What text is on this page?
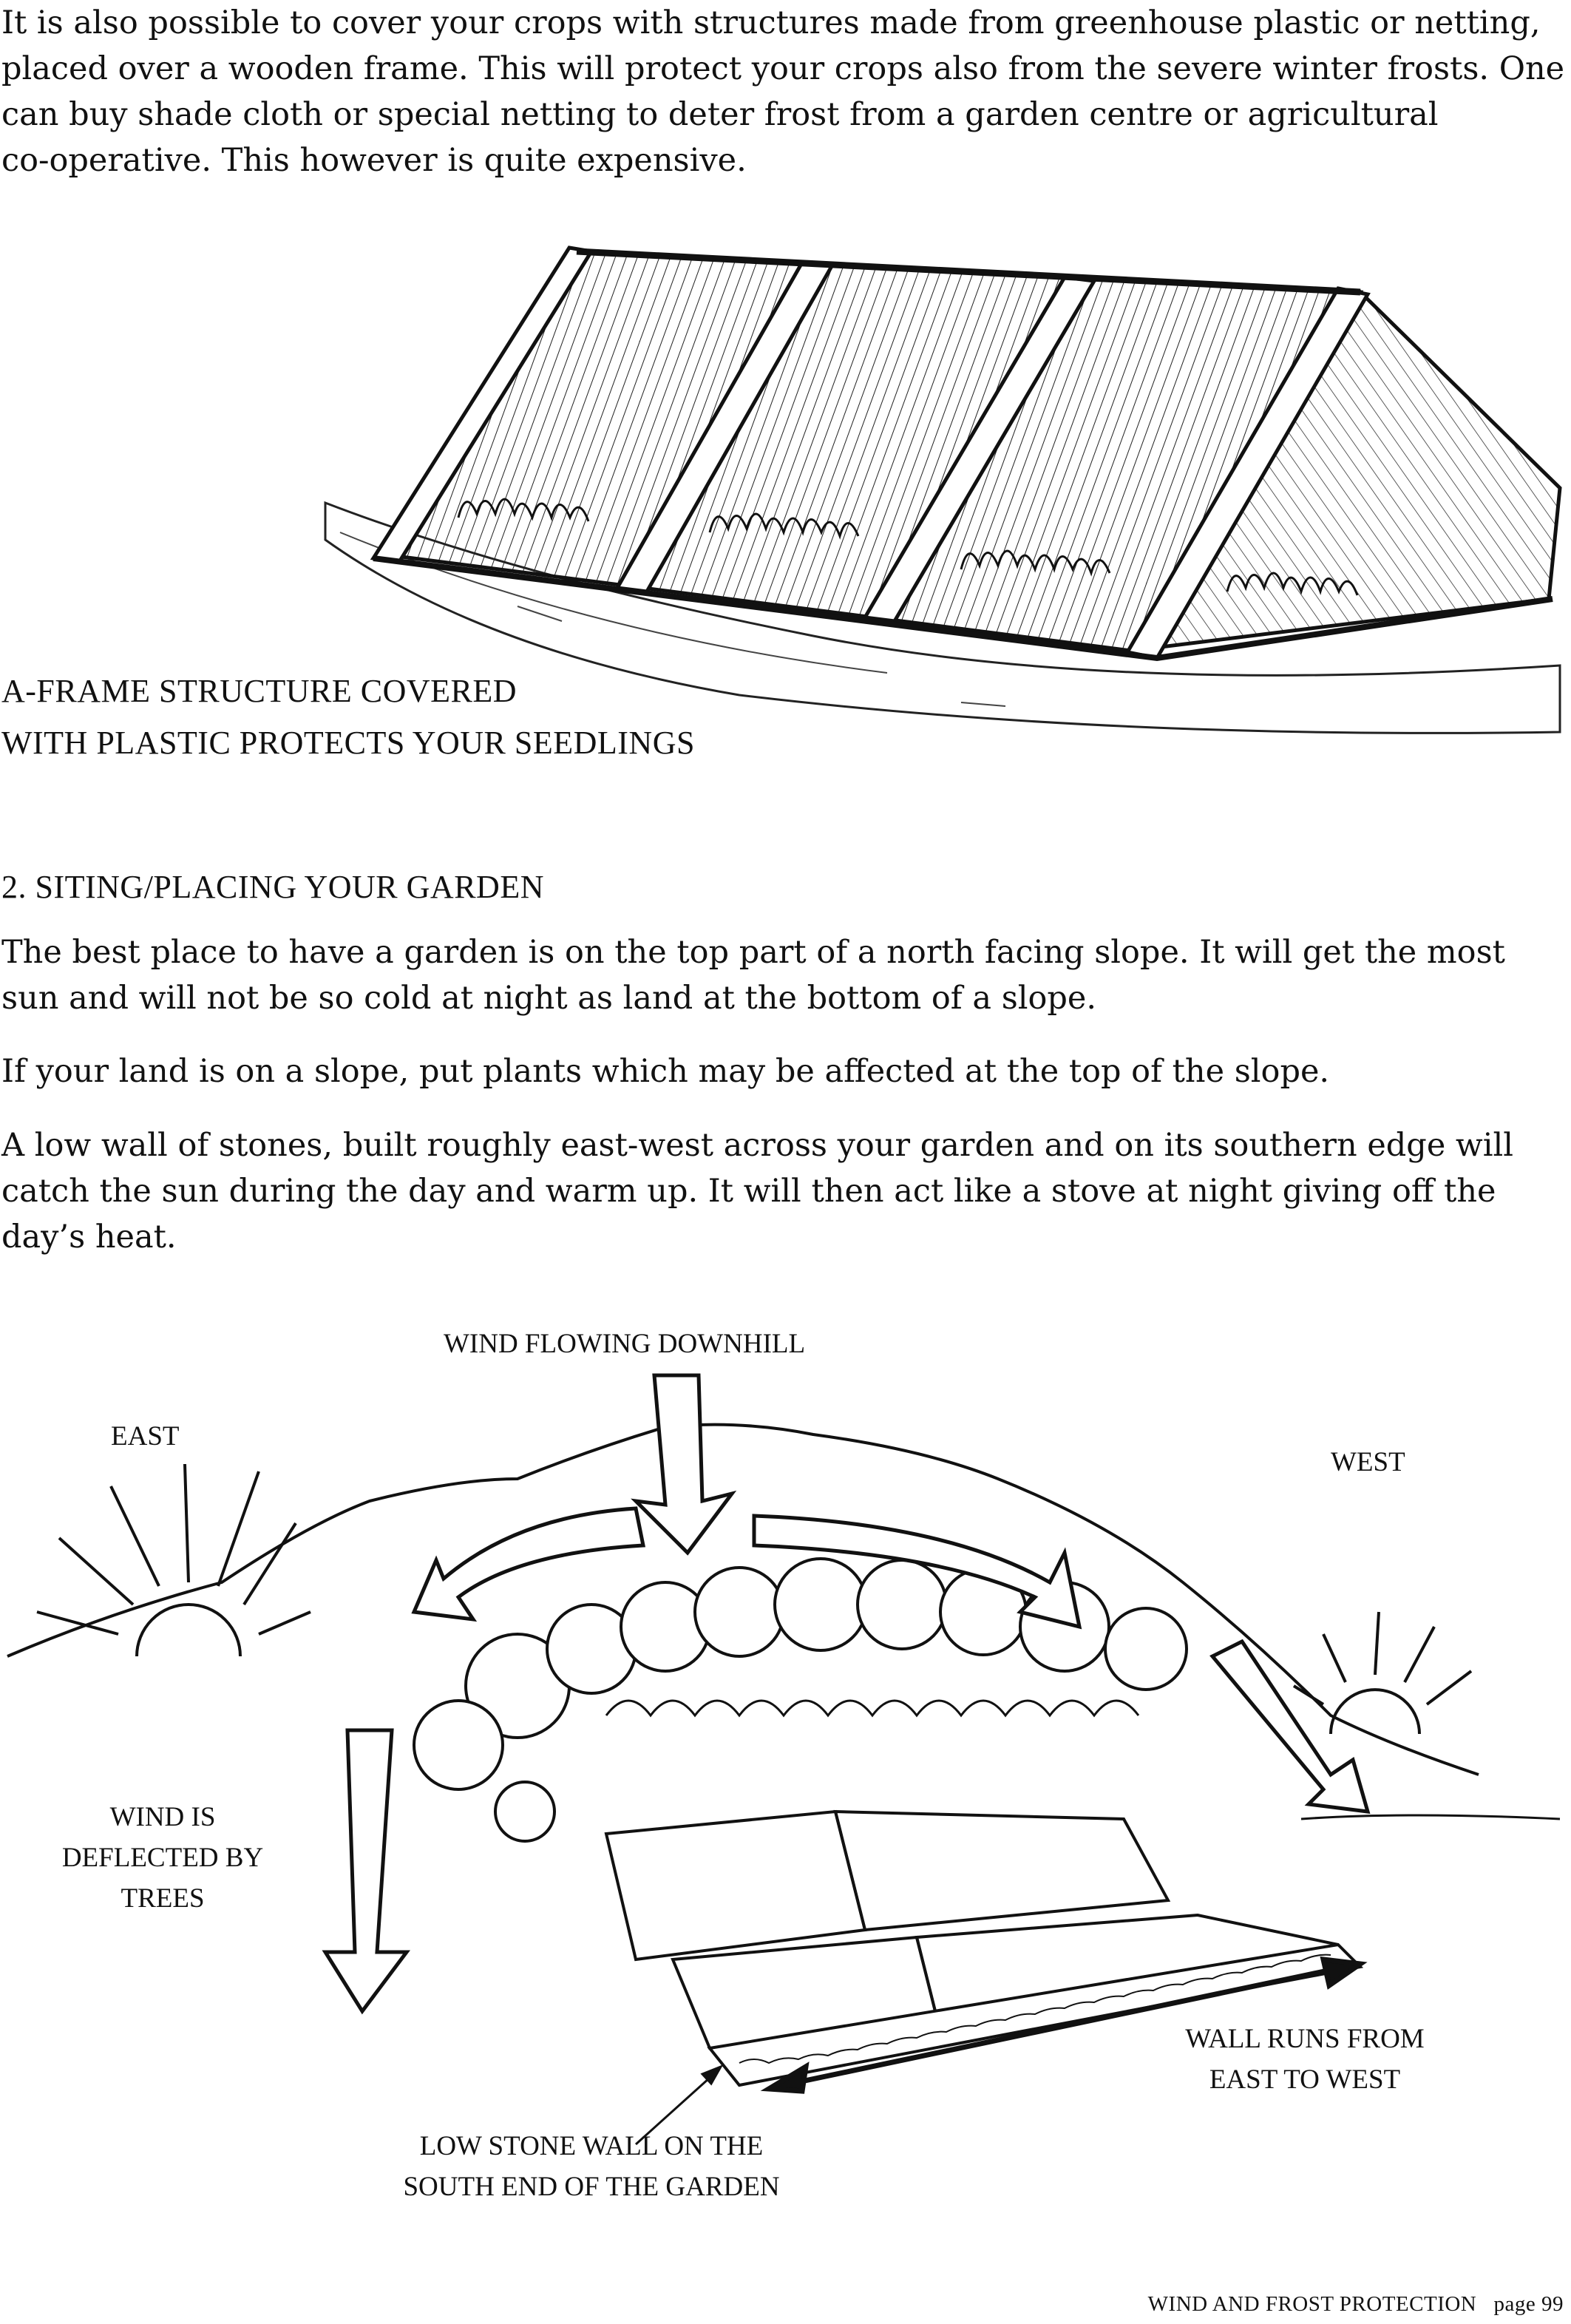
It is also possible to cover your crops with structures made from greenhouse plastic or netting,
placed over a wooden frame. This will protect your crops also from the severe winter frosts. One
can buy shade cloth or special netting to deter frost from a garden centre or agricultural
co-operative. This however is quite expensive.

A-FRAME STRUCTURE COVERED
WITH PLASTIC PROTECTS YOUR SEEDLINGS

2. SITING/PLACING YOUR GARDEN

The best place to have a garden is on the top part of a north facing slope. It will get the most
sun and will not be so cold at night as land at the bottom of a slope.

If your land is on a slope, put plants which may be affected at the top of the slope.

A low wall of stones, built roughly east-west across your garden and on its southern edge will
catch the sun during the day and warm up. It will then act like a stove at night giving off the
day’s heat.

WIND FLOWING DOWNHILL

EAST

WEST

WIND IS
DEFLECTED BY
TREES

WALL RUNS FROM
EAST TO WEST

LOW STONE WALL ON THE
SOUTH END OF THE GARDEN

WIND AND FROST PROTECTION page 99
